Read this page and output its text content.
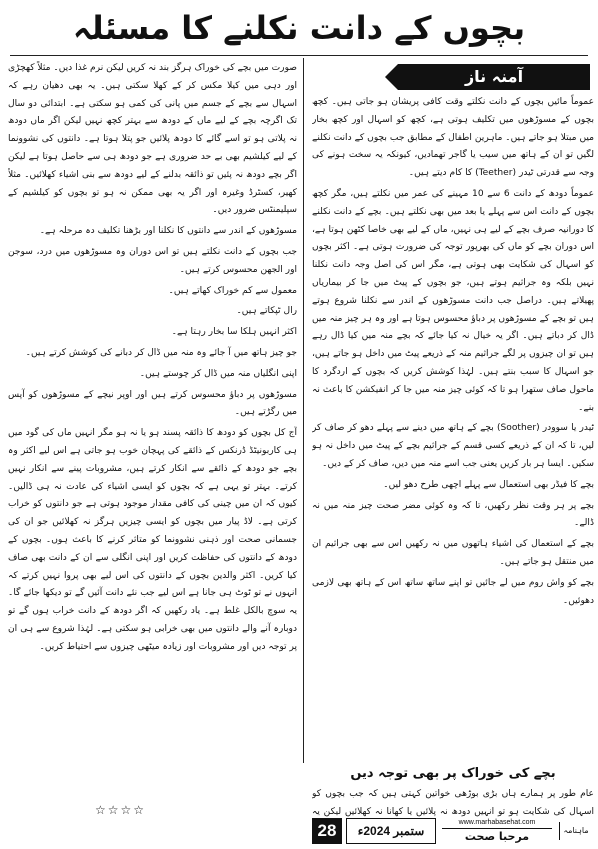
بچوں کے دانت نکلنے کا مسئلہ
آمنہ ناز

عموماً مائیں بچوں کے دانت نکلتے وقت کافی پریشان ہو جاتی ہیں۔ کچھ بچوں کے مسوڑھوں میں تکلیف ہوتی ہے، کچھ کو اسہال اور کچھ بخار میں مبتلا ہو جاتے ہیں۔ ماہرین اطفال کے مطابق جب بچوں کے دانت نکلنے لگیں تو ان کے ہاتھ میں سیب یا گاجر تھمادیں، کیونکہ یہ سخت ہونے کی وجہ سے قدرتی ٹیدر (Teether) کا کام دیتے ہیں۔

عموماً دودھ کے دانت 6 سے 10 مہینے کی عمر میں نکلتے ہیں، مگر کچھ بچوں کے دانت اس سے پہلے یا بعد میں بھی نکلتے ہیں۔ بچے کے دانت نکلنے کا دورانیہ صرف بچے کے لیے ہی نہیں، ماں کے لیے بھی خاصا کٹھن ہوتا ہے، اس دوران بچے کو ماں کی بھرپور توجہ کی ضرورت ہوتی ہے۔ اکثر بچوں کو اسہال کی شکایت بھی ہوتی ہے، مگر اس کی اصل وجہ دانت نکلنا نہیں بلکہ وہ جراثیم ہوتے ہیں، جو بچوں کے پیٹ میں جا کر بیماریاں پھیلاتے ہیں۔ دراصل جب دانت مسوڑھوں کے اندر سے نکلنا شروع ہوتے ہیں تو بچے کے مسوڑھوں پر دباؤ محسوس ہوتا ہے اور وہ ہر چیز منہ میں ڈال کر دباتے ہیں۔ اگر یہ خیال نہ کیا جائے کہ بچے منہ میں کیا ڈال رہے ہیں تو ان چیزوں پر لگے جراثیم منہ کے ذریعے پیٹ میں داخل ہو جاتے ہیں، جو اسہال کا سبب بنتے ہیں۔ لہٰذا کوشش کریں کہ بچوں کے اردگرد کا ماحول صاف ستھرا ہو تا کہ کوئی چیز منہ میں جا کر انفیکشن کا باعث نہ بنے۔

ٹیدر یا سوودر (Soother) بچے کے ہاتھ میں دینے سے پہلے دھو کر صاف کر لیں، تا کہ ان کے ذریعے کسی قسم کے جراثیم بچے کے پیٹ میں داخل نہ ہو سکیں۔ ایسا ہر بار کریں یعنی جب اسے منہ میں دیں، صاف کر کے دیں۔

بچے کا فیڈر بھی استعمال سے پہلے اچھی طرح دھو لیں۔

بچے پر ہر وقت نظر رکھیں، تا کہ وہ کوئی مضر صحت چیز منہ میں نہ ڈالے۔

بچے کے استعمال کی اشیاء ہاتھوں میں نہ رکھیں اس سے بھی جراثیم ان میں منتقل ہو جاتے ہیں۔

بچے کو واش روم میں لے جائیں تو اپنے ساتھ ساتھ اس کے ہاتھ بھی لازمی دھوئیں۔

بچے کی خوراک پر بھی توجہ دیں
عام طور پر ہمارے ہاں بڑی بوڑھی خواتین کہتی ہیں کہ جب بچوں کو اسہال کی شکایت ہو تو انہیں دودھ نہ پلائیں یا کھانا نہ کھلائیں لیکن یہ

صورت میں بچے کی خوراک ہرگز بند نہ کریں لیکن نرم غذا دیں۔ مثلاً کھچڑی اور دہی میں کیلا مکس کر کے کھلا سکتی ہیں۔ یہ بھی دھیان رہے کہ اسہال سے بچے کے جسم میں پانی کی کمی ہو سکتی ہے۔ ابتدائی دو سال تک اگرچہ بچے کے لیے ماں کے دودھ سے بہتر کچھ نہیں لیکن اگر ماں دودھ نہ پلاتی ہو تو اسے گائے کا دودھ پلائیں جو پتلا ہوتا ہے۔ دانتوں کی نشوونما کے لیے کیلشیم بھی بے حد ضروری ہے جو دودھ ہی سے حاصل ہوتا ہے لیکن اگر بچے دودھ نہ پئیں تو ذائقہ بدلنے کے لیے دودھ سے بنی اشیاء کھلائیں۔ مثلاً کھیر، کسٹرڈ وغیرہ اور اگر یہ بھی ممکن نہ ہو تو بچوں کو کیلشیم کے سپلیمنٹس ضرور دیں۔

مسوڑھوں کے اندر سے دانتوں کا نکلنا اور بڑھنا تکلیف دہ مرحلہ ہے۔

جب بچوں کے دانت نکلتے ہیں تو اس دوران وہ مسوڑھوں میں درد، سوجن اور الجھن محسوس کرتے ہیں۔

معمول سے کم خوراک کھاتے ہیں۔

رال ٹپکاتے ہیں۔

اکثر انہیں ہلکا سا بخار رہتا ہے۔

جو چیز ہاتھ میں آ جائے وہ منہ میں ڈال کر دبانے کی کوشش کرتے ہیں۔

اپنی انگلیاں منہ میں ڈال کر چوستے ہیں۔

مسوڑھوں پر دباؤ محسوس کرتے ہیں اور اوپر نیچے کے مسوڑھوں کو آپس میں رگڑتے ہیں۔

آج کل بچوں کو دودھ کا ذائقہ پسند ہو یا نہ ہو مگر انہیں ماں کی گود میں ہی کاربونیٹڈ ڈرنکس کے ذائقے کی پہچان خوب ہو جاتی ہے اس لیے اکثر وہ بچے جو دودھ کے ذائقے سے انکار کرتے ہیں، مشروبات پینے سے انکار نہیں کرتے۔ بہتر تو یہی ہے کہ بچوں کو ایسی اشیاء کی عادت نہ ہی ڈالیں۔ کیوں کہ ان میں چینی کی کافی مقدار موجود ہوتی ہے جو دانتوں کو خراب کرتی ہے۔ لاڈ پیار میں بچوں کو ایسی چیزیں ہرگز نہ کھلائیں جو ان کی جسمانی صحت اور ذہنی نشوونما کو متاثر کرنے کا باعث ہوں۔ بچوں کے دودھ کے دانتوں کی حفاظت کریں اور اپنی انگلی سے ان کے دانت بھی صاف کیا کریں۔ اکثر والدین بچوں کے دانتوں کی اس لیے بھی پروا نہیں کرتے کہ انہوں نے تو ٹوٹ ہی جانا ہے اس لیے جب نئے دانت آئیں گے تو دیکھا جائے گا۔ یہ سوچ بالکل غلط ہے۔ یاد رکھیں کہ اگر دودھ کے دانت خراب ہوں گے تو دوبارہ آنے والے دانتوں میں بھی خرابی ہو سکتی ہے۔ لہٰذا شروع سے ہی ان پر توجہ دیں اور مشروبات اور زیادہ میٹھی چیزوں سے احتیاط کریں۔

☆☆☆☆
28	ستمبر 2024ء
www.marhabasehat.com
مرحبا صحت	ماہنامہ
